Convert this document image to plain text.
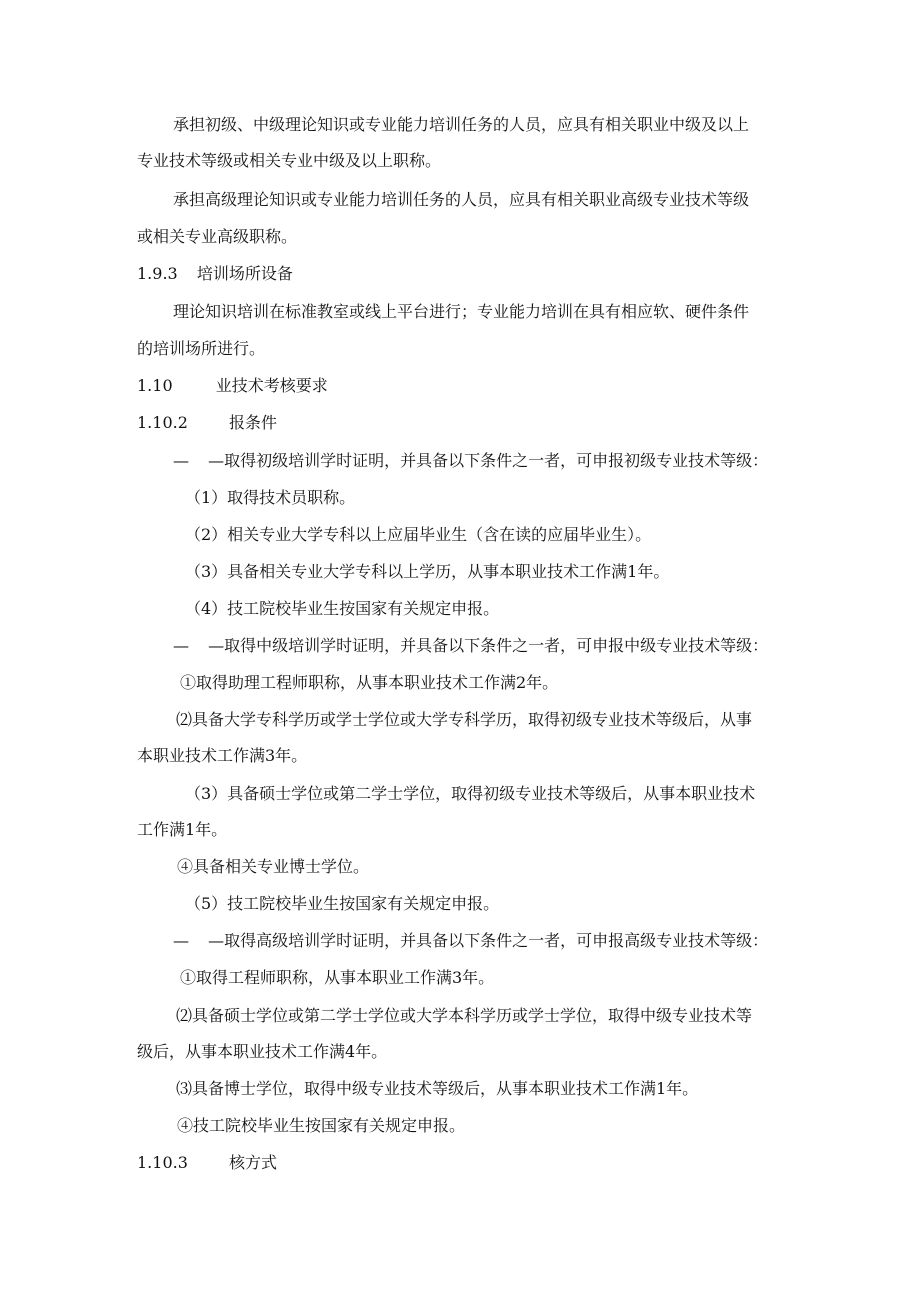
承担初级、中级理论知识或专业能力培训任务的人员，应具有相关职业中级及以上
专业技术等级或相关专业中级及以上职称。
承担高级理论知识或专业能力培训任务的人员，应具有相关职业高级专业技术等级
或相关专业高级职称。
1.9.3 培训场所设备
理论知识培训在标准教室或线上平台进行；专业能力培训在具有相应软、硬件条件
的培训场所进行。
1.10	业技术考核要求
1.10.2	报条件
— —取得初级培训学时证明，并具备以下条件之一者，可申报初级专业技术等级：
（1）取得技术员职称。
（2）相关专业大学专科以上应届毕业生（含在读的应届毕业生）。
（3）具备相关专业大学专科以上学历，从事本职业技术工作满1年。
（4）技工院校毕业生按国家有关规定申报。
— —取得中级培训学时证明，并具备以下条件之一者，可申报中级专业技术等级：
①取得助理工程师职称，从事本职业技术工作满2年。
⑵具备大学专科学历或学士学位或大学专科学历，取得初级专业技术等级后，从事
本职业技术工作满3年。
（3）具备硕士学位或第二学士学位，取得初级专业技术等级后，从事本职业技术
工作满1年。
④具备相关专业博士学位。
（5）技工院校毕业生按国家有关规定申报。
— —取得高级培训学时证明，并具备以下条件之一者，可申报高级专业技术等级：
①取得工程师职称，从事本职业工作满3年。
⑵具备硕士学位或第二学士学位或大学本科学历或学士学位，取得中级专业技术等
级后，从事本职业技术工作满4年。
⑶具备博士学位，取得中级专业技术等级后，从事本职业技术工作满1年。
④技工院校毕业生按国家有关规定申报。
1.10.3	核方式
